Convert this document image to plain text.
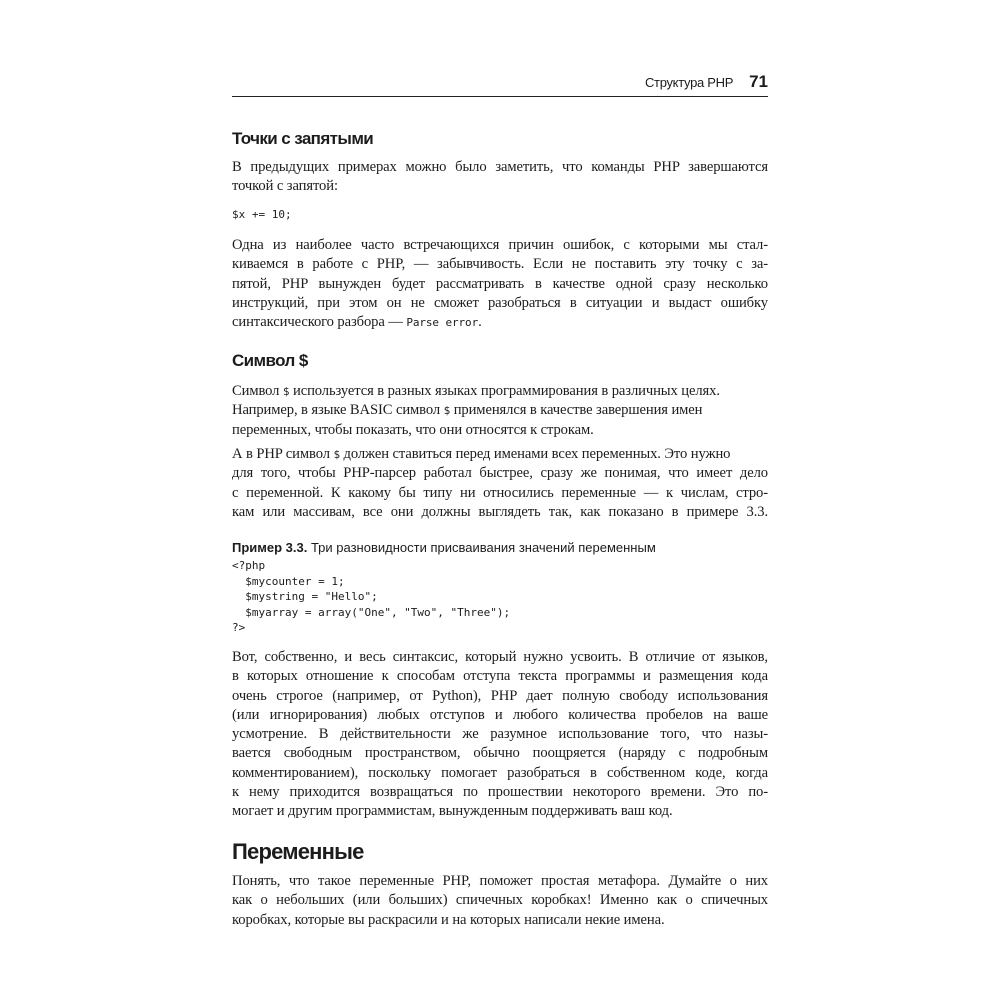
Структура PHP 71
Точки с запятыми

В предыдущих примерах можно было заметить, что команды PHP завершаются
точкой с запятой:

$x += 10;

Одна из наиболее часто встречающихся причин ошибок, с которыми мы стал-
киваемся в работе с PHP, — забывчивость. Если не поставить эту точку с за-
пятой, PHP вынужден будет рассматривать в качестве одной сразу несколько
инструкций, при этом он не сможет разобраться в ситуации и выдаст ошибку
синтаксического разбора — Parse error.

Символ $

Символ $ используется в разных языках программирования в различных целях.
Например, в языке BASIC символ $ применялся в качестве завершения имен
переменных, чтобы показать, что они относятся к строкам.

А в PHP символ $ должен ставиться перед именами всех переменных. Это нужно
для того, чтобы PHP-парсер работал быстрее, сразу же понимая, что имеет дело
с переменной. К какому бы типу ни относились переменные — к числам, стро-
кам или массивам, все они должны выглядеть так, как показано в примере 3.3.

Пример 3.3. Три разновидности присваивания значений переменным
<?php
$mycounter = 1;
$mystring = "Hello";
$myarray = array("One", "Two", "Three");
?>

Вот, собственно, и весь синтаксис, который нужно усвоить. В отличие от языков,
в которых отношение к способам отступа текста программы и размещения кода
очень строгое (например, от Python), PHP дает полную свободу использования
(или игнорирования) любых отступов и любого количества пробелов на ваше
усмотрение. В действительности же разумное использование того, что назы-
вается свободным пространством, обычно поощряется (наряду с подробным
комментированием), поскольку помогает разобраться в собственном коде, когда
к нему приходится возвращаться по прошествии некоторого времени. Это по-
могает и другим программистам, вынужденным поддерживать ваш код.

Переменные

Понять, что такое переменные PHP, поможет простая метафора. Думайте о них
как о небольших (или больших) спичечных коробках! Именно как о спичечных
коробках, которые вы раскрасили и на которых написали некие имена.
